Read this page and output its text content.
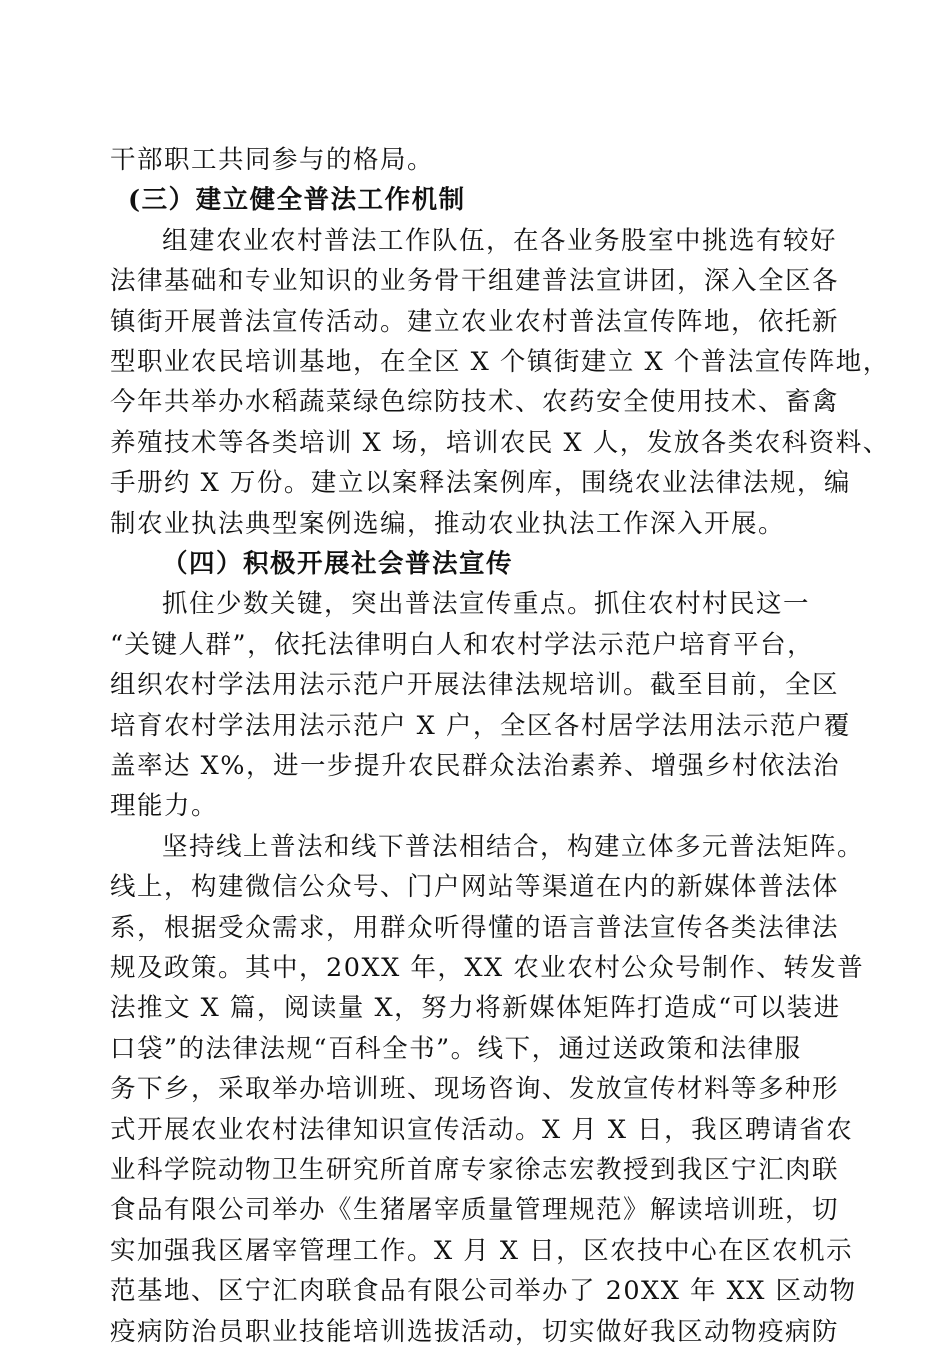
干部职工共同参与的格局。
(三）建立健全普法工作机制
组建农业农村普法工作队伍，在各业务股室中挑选有较好
法律基础和专业知识的业务骨干组建普法宣讲团，深入全区各
镇街开展普法宣传活动。建立农业农村普法宣传阵地，依托新
型职业农民培训基地，在全区 X 个镇街建立 X 个普法宣传阵地，
今年共举办水稻蔬菜绿色综防技术、农药安全使用技术、畜禽
养殖技术等各类培训 X 场，培训农民 X 人，发放各类农科资料、
手册约 X 万份。建立以案释法案例库，围绕农业法律法规，编
制农业执法典型案例选编，推动农业执法工作深入开展。
（四）积极开展社会普法宣传
抓住少数关键，突出普法宣传重点。抓住农村村民这一
“关键人群”，依托法律明白人和农村学法示范户培育平台，
组织农村学法用法示范户开展法律法规培训。截至目前，全区
培育农村学法用法示范户 X 户，全区各村居学法用法示范户覆
盖率达 X%，进一步提升农民群众法治素养、增强乡村依法治
理能力。
坚持线上普法和线下普法相结合，构建立体多元普法矩阵。
线上，构建微信公众号、门户网站等渠道在内的新媒体普法体
系，根据受众需求，用群众听得懂的语言普法宣传各类法律法
规及政策。其中，20XX 年，XX 农业农村公众号制作、转发普
法推文 X 篇，阅读量 X，努力将新媒体矩阵打造成“可以装进
口袋”的法律法规“百科全书”。线下，通过送政策和法律服
务下乡，采取举办培训班、现场咨询、发放宣传材料等多种形
式开展农业农村法律知识宣传活动。X 月 X 日，我区聘请省农
业科学院动物卫生研究所首席专家徐志宏教授到我区宁汇肉联
食品有限公司举办《生猪屠宰质量管理规范》解读培训班，切
实加强我区屠宰管理工作。X 月 X 日，区农技中心在区农机示
范基地、区宁汇肉联食品有限公司举办了 20XX 年 XX 区动物
疫病防治员职业技能培训选拔活动，切实做好我区动物疫病防
